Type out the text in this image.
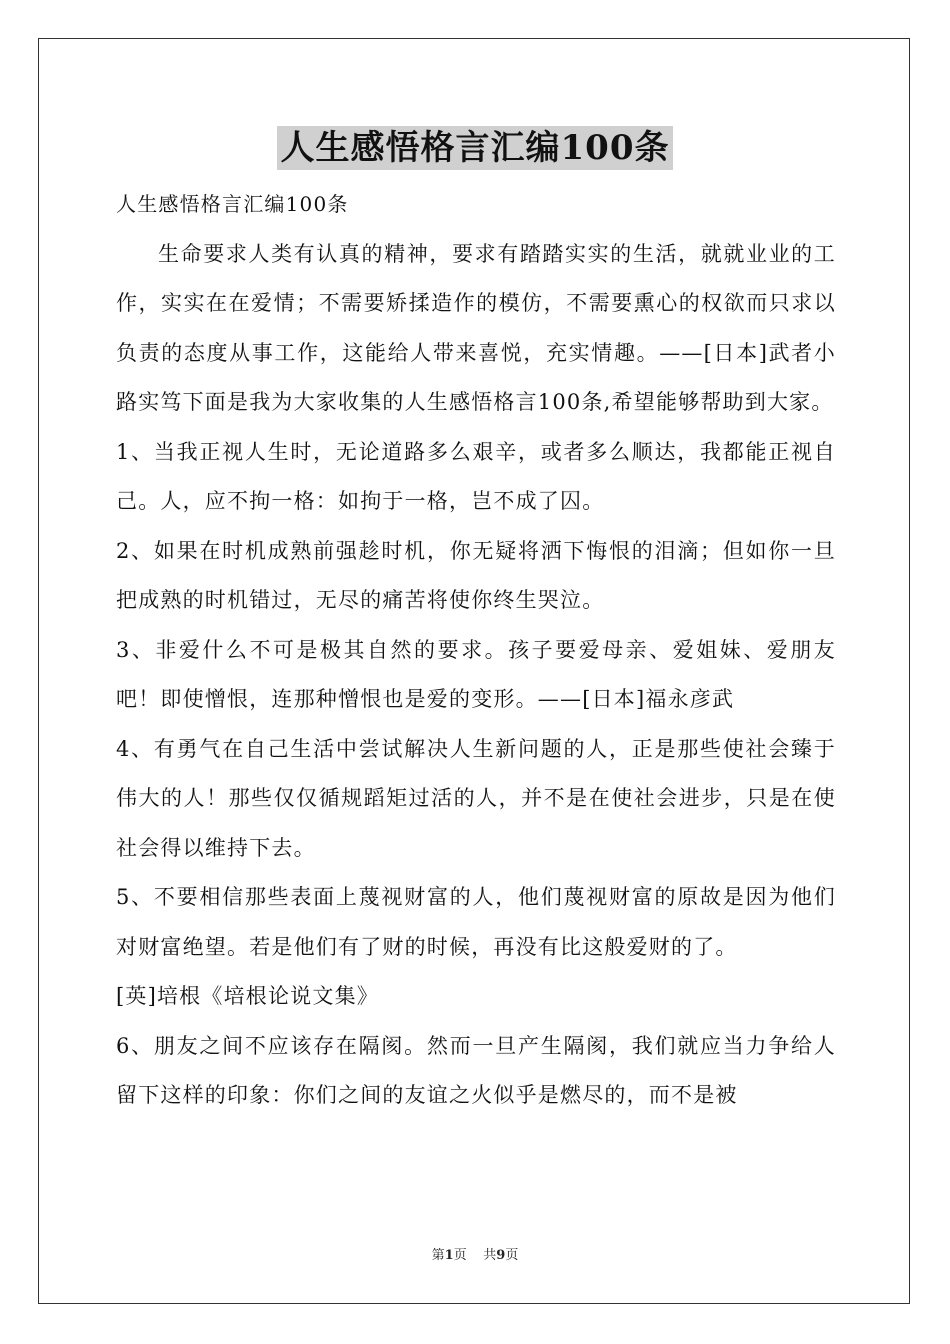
人生感悟格言汇编100条

人生感悟格言汇编100条

生命要求人类有认真的精神，要求有踏踏实实的生活，就就业业的工作，实实在在爱情；不需要矫揉造作的模仿，不需要熏心的权欲而只求以负责的态度从事工作，这能给人带来喜悦，充实情趣。——[日本]武者小路实笃下面是我为大家收集的人生感悟格言100条,希望能够帮助到大家。

1、当我正视人生时，无论道路多么艰辛，或者多么顺达，我都能正视自己。人，应不拘一格：如拘于一格，岂不成了囚。

2、如果在时机成熟前强趁时机，你无疑将洒下悔恨的泪滴；但如你一旦把成熟的时机错过，无尽的痛苦将使你终生哭泣。

3、非爱什么不可是极其自然的要求。孩子要爱母亲、爱姐妹、爱朋友吧！即使憎恨，连那种憎恨也是爱的变形。——[日本]福永彦武

4、有勇气在自己生活中尝试解决人生新问题的人，正是那些使社会臻于伟大的人！那些仅仅循规蹈矩过活的人，并不是在使社会进步，只是在使社会得以维持下去。

5、不要相信那些表面上蔑视财富的人，他们蔑视财富的原故是因为他们对财富绝望。若是他们有了财的时候，再没有比这般爱财的了。

[英]培根《培根论说文集》

6、朋友之间不应该存在隔阂。然而一旦产生隔阂，我们就应当力争给人留下这样的印象：你们之间的友谊之火似乎是燃尽的，而不是被

第1页 共9页
